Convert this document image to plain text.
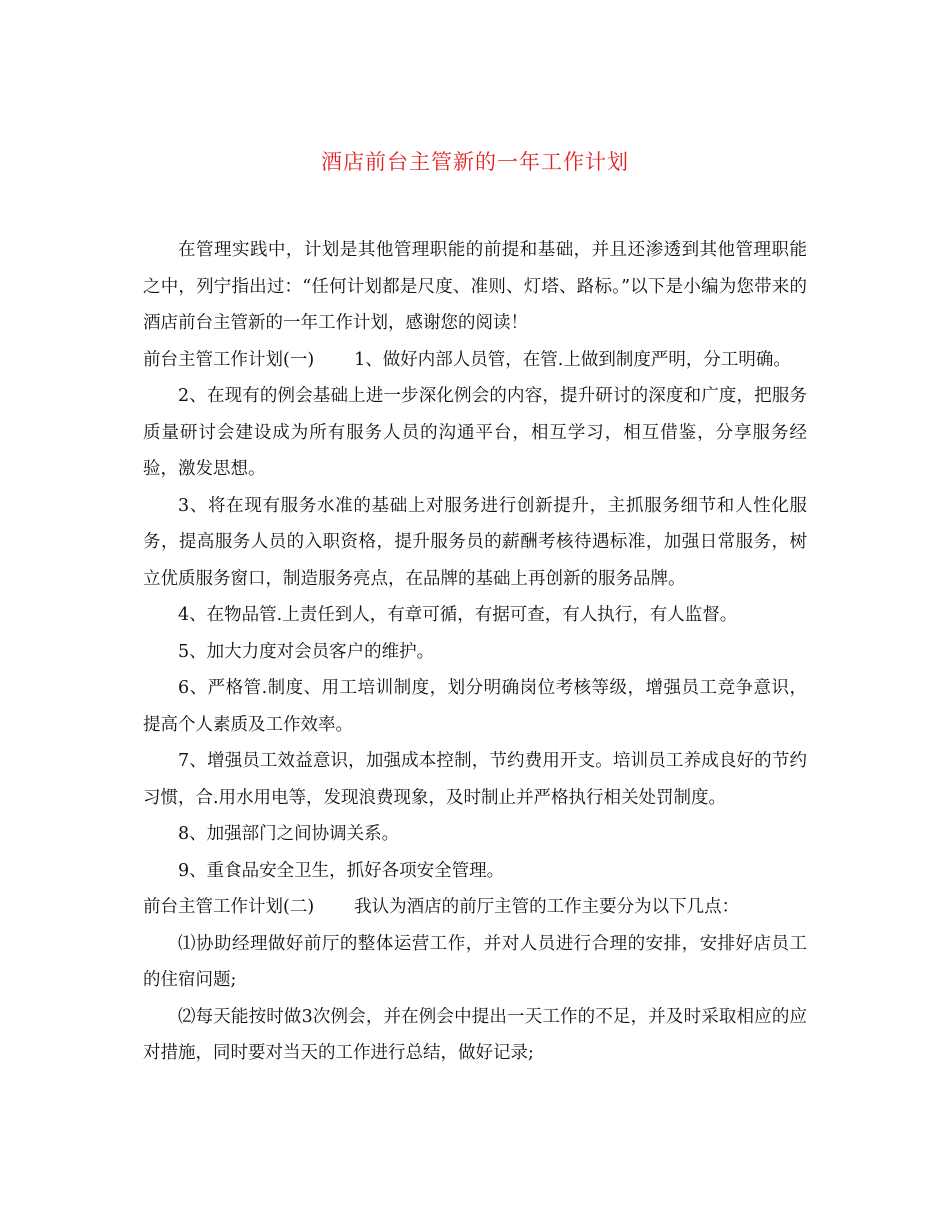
酒店前台主管新的一年工作计划

在管理实践中，计划是其他管理职能的前提和基础，并且还渗透到其他管理职能之中，列宁指出过：“任何计划都是尺度、准则、灯塔、路标。”以下是小编为您带来的酒店前台主管新的一年工作计划，感谢您的阅读！

前台主管工作计划(一) 1、做好内部人员管，在管.上做到制度严明，分工明确。

2、在现有的例会基础上进一步深化例会的内容，提升研讨的深度和广度，把服务质量研讨会建设成为所有服务人员的沟通平台，相互学习，相互借鉴，分享服务经验，激发思想。

3、将在现有服务水准的基础上对服务进行创新提升，主抓服务细节和人性化服务，提高服务人员的入职资格，提升服务员的薪酬考核待遇标准，加强日常服务，树立优质服务窗口，制造服务亮点，在品牌的基础上再创新的服务品牌。

4、在物品管.上责任到人，有章可循，有据可查，有人执行，有人监督。

5、加大力度对会员客户的维护。

6、严格管.制度、用工培训制度，划分明确岗位考核等级，增强员工竞争意识，提高个人素质及工作效率。

7、增强员工效益意识，加强成本控制，节约费用开支。培训员工养成良好的节约习惯，合.用水用电等，发现浪费现象，及时制止并严格执行相关处罚制度。

8、加强部门之间协调关系。

9、重食品安全卫生，抓好各项安全管理。

前台主管工作计划(二) 我认为酒店的前厅主管的工作主要分为以下几点：

⑴协助经理做好前厅的整体运营工作，并对人员进行合理的安排，安排好店员工的住宿问题;

⑵每天能按时做3次例会，并在例会中提出一天工作的不足，并及时采取相应的应对措施，同时要对当天的工作进行总结，做好记录;
